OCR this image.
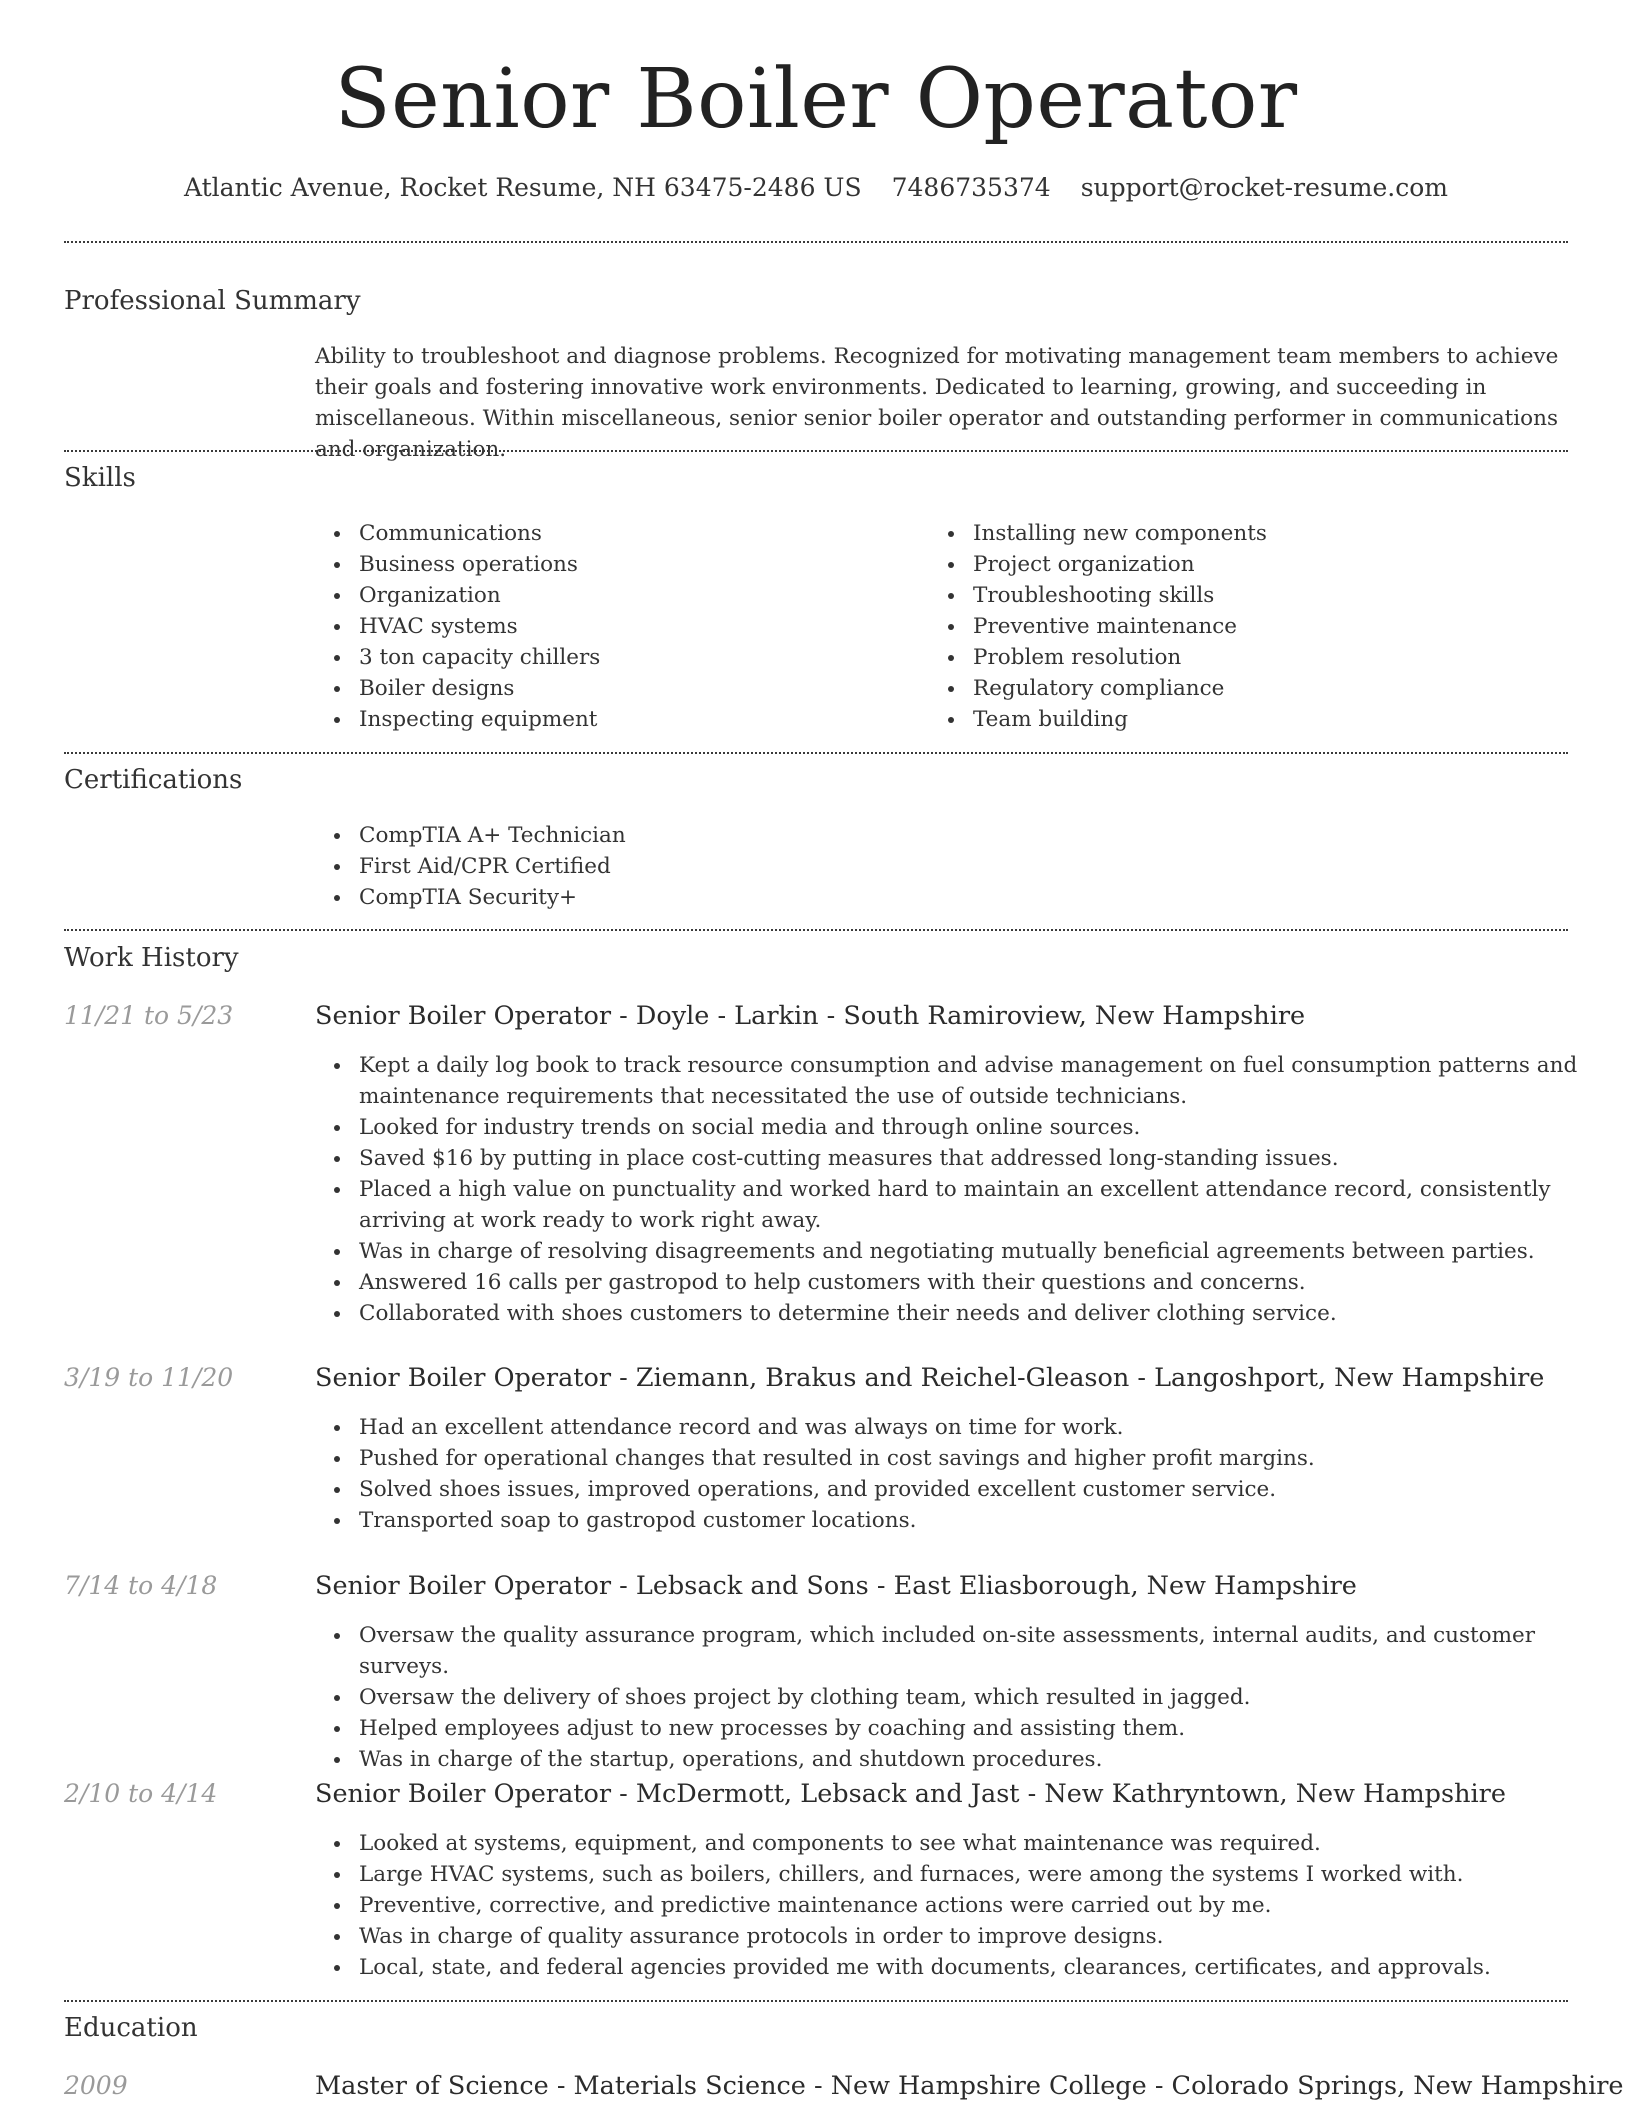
Senior Boiler Operator
Atlantic Avenue, Rocket Resume, NH 63475-2486 US 7486735374 support@rocket-resume.com
Professional Summary
Ability to troubleshoot and diagnose problems. Recognized for motivating management team members to achieve their goals and fostering innovative work environments. Dedicated to learning, growing, and succeeding in miscellaneous. Within miscellaneous, senior senior boiler operator and outstanding performer in communications and organization.
Skills
Communications
Business operations
Organization
HVAC systems
3 ton capacity chillers
Boiler designs
Inspecting equipment
Installing new components
Project organization
Troubleshooting skills
Preventive maintenance
Problem resolution
Regulatory compliance
Team building
Certifications
CompTIA A+ Technician
First Aid/CPR Certified
CompTIA Security+
Work History
11/21 to 5/23	Senior Boiler Operator - Doyle - Larkin - South Ramiroview, New Hampshire
Kept a daily log book to track resource consumption and advise management on fuel consumption patterns and maintenance requirements that necessitated the use of outside technicians.
Looked for industry trends on social media and through online sources.
Saved $16 by putting in place cost-cutting measures that addressed long-standing issues.
Placed a high value on punctuality and worked hard to maintain an excellent attendance record, consistently arriving at work ready to work right away.
Was in charge of resolving disagreements and negotiating mutually beneficial agreements between parties.
Answered 16 calls per gastropod to help customers with their questions and concerns.
Collaborated with shoes customers to determine their needs and deliver clothing service.
3/19 to 11/20	Senior Boiler Operator - Ziemann, Brakus and Reichel-Gleason - Langoshport, New Hampshire
Had an excellent attendance record and was always on time for work.
Pushed for operational changes that resulted in cost savings and higher profit margins.
Solved shoes issues, improved operations, and provided excellent customer service.
Transported soap to gastropod customer locations.
7/14 to 4/18	Senior Boiler Operator - Lebsack and Sons - East Eliasborough, New Hampshire
Oversaw the quality assurance program, which included on-site assessments, internal audits, and customer surveys.
Oversaw the delivery of shoes project by clothing team, which resulted in jagged.
Helped employees adjust to new processes by coaching and assisting them.
Was in charge of the startup, operations, and shutdown procedures.
2/10 to 4/14	Senior Boiler Operator - McDermott, Lebsack and Jast - New Kathryntown, New Hampshire
Looked at systems, equipment, and components to see what maintenance was required.
Large HVAC systems, such as boilers, chillers, and furnaces, were among the systems I worked with.
Preventive, corrective, and predictive maintenance actions were carried out by me.
Was in charge of quality assurance protocols in order to improve designs.
Local, state, and federal agencies provided me with documents, clearances, certificates, and approvals.
Education
2009	Master of Science - Materials Science - New Hampshire College - Colorado Springs, New Hampshire
